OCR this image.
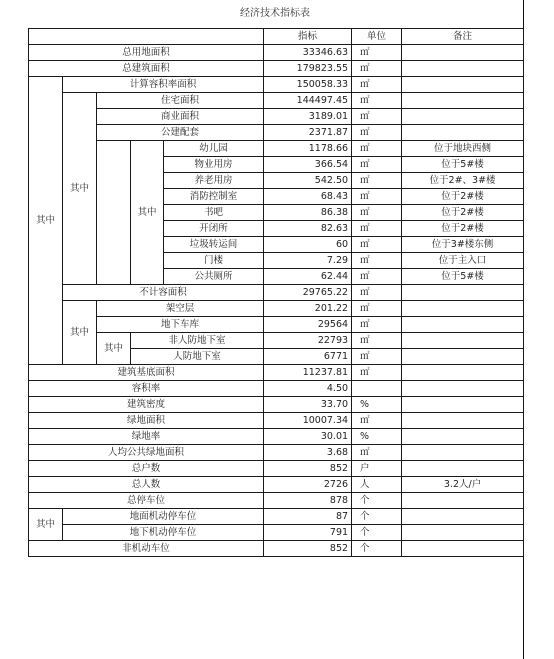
经济技术指标表
					指标	单位	备注
总用地面积					33346.63	㎡	
总建筑面积					179823.55	㎡	
其中	计算容积率面积				150058.33	㎡	
	其中	住宅面积			144497.45	㎡	
		商业面积			3189.01	㎡	
		公建配套			2371.87	㎡	
			其中	幼儿园	1178.66	㎡	位于地块西侧
				物业用房	366.54	㎡	位于5#楼
				养老用房	542.50	㎡	位于2#、3#楼
				消防控制室	68.43	㎡	位于2#楼
				书吧	86.38	㎡	位于2#楼
				开闭所	82.63	㎡	位于2#楼
				垃圾转运间	60	㎡	位于3#楼东侧
				门楼	7.29	㎡	位于主入口
				公共厕所	62.44	㎡	位于5#楼
	不计容面积				29765.22	㎡	
	其中	架空层			201.22	㎡	
		地下车库			29564	㎡	
		其中	非人防地下室		22793	㎡	
			人防地下室		6771	㎡	
建筑基底面积					11237.81	㎡	
容积率					4.50		
建筑密度					33.70	%	
绿地面积					10007.34	㎡	
绿地率					30.01	%	
人均公共绿地面积					3.68	㎡	
总户数					852	户	
总人数					2726	人	3.2人/户
总停车位					878	个	
其中	地面机动停车位				87	个	
	地下机动停车位				791	个	
非机动车位					852	个	
